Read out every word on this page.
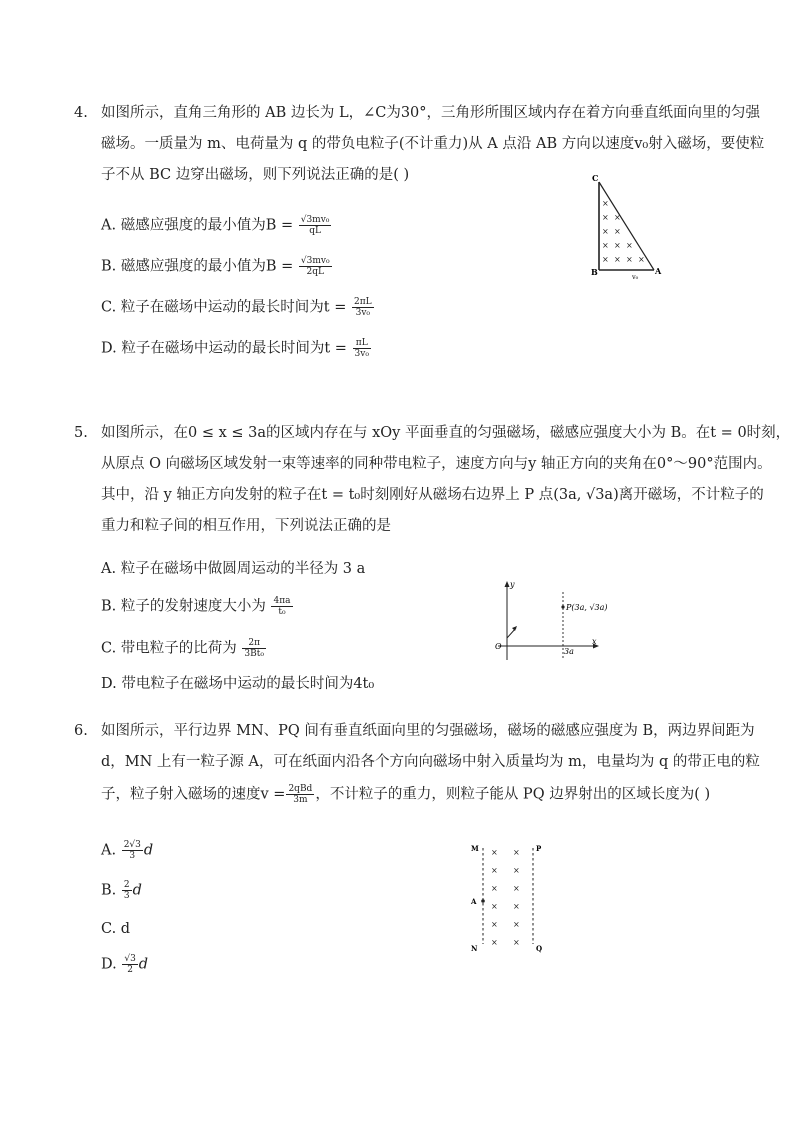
4. 如图所示，直角三角形的 AB 边长为 L，∠C为30°，三角形所围区域内存在着方向垂直纸面向里的匀强
磁场。一质量为 m、电荷量为 q 的带负电粒子(不计重力)从 A 点沿 AB 方向以速度v₀射入磁场，要使粒
子不从 BC 边穿出磁场，则下列说法正确的是( )
A. 磁感应强度的最小值为$B = \frac{\text{√3mv₀}}{qL}$
B. 磁感应强度的最小值为$B = \frac{\text{√3mv₀}}{2qL}$
C. 粒子在磁场中运动的最长时间为$t = \frac{2\pi L}{\text{3v₀}}$
D. 粒子在磁场中运动的最长时间为$t = \frac{\pi L}{\text{3v₀}}$
×
× ×
× ×
× × ×
× × × ×
C
B	A
v₀
5. 如图所示，在0 ≤ x ≤ 3a的区域内存在与 xOy 平面垂直的匀强磁场，磁感应强度大小为 B。在t = 0时刻，
从原点 O 向磁场区域发射一束等速率的同种带电粒子，速度方向与y 轴正方向的夹角在0°～90°范围内。
其中，沿 y 轴正方向发射的粒子在t = t₀时刻刚好从磁场右边界上 P 点(3a, √3a)离开磁场，不计粒子的
重力和粒子间的相互作用，下列说法正确的是
A. 粒子在磁场中做圆周运动的半径为 3 a
B. 粒子的发射速度大小为 $\frac{4\pi a}{\text{t₀}}$
C. 带电粒子的比荷为 $\frac{2\pi}{\text{3Bt₀}}$
D. 带电粒子在磁场中运动的最长时间为4t₀
y
x
O
3a
P(3a, √3a)
6. 如图所示，平行边界 MN、PQ 间有垂直纸面向里的匀强磁场，磁场的磁感应强度为 B，两边界间距为
d，MN 上有一粒子源 A，可在纸面内沿各个方向向磁场中射入质量均为 m，电量均为 q 的带正电的粒
子，粒子射入磁场的速度$v = \frac{\text{2qBd}}{3m}$ ，不计粒子的重力，则粒子能从 PQ 边界射出的区域长度为( )
A. $\frac{2√3}{3}$ d
B. $\frac{2}{3}$ d
C. d
D. $\frac{√3}{2}$ d
× ×
× ×
× ×
× ×
× ×
× ×
M	P
A
N	Q
